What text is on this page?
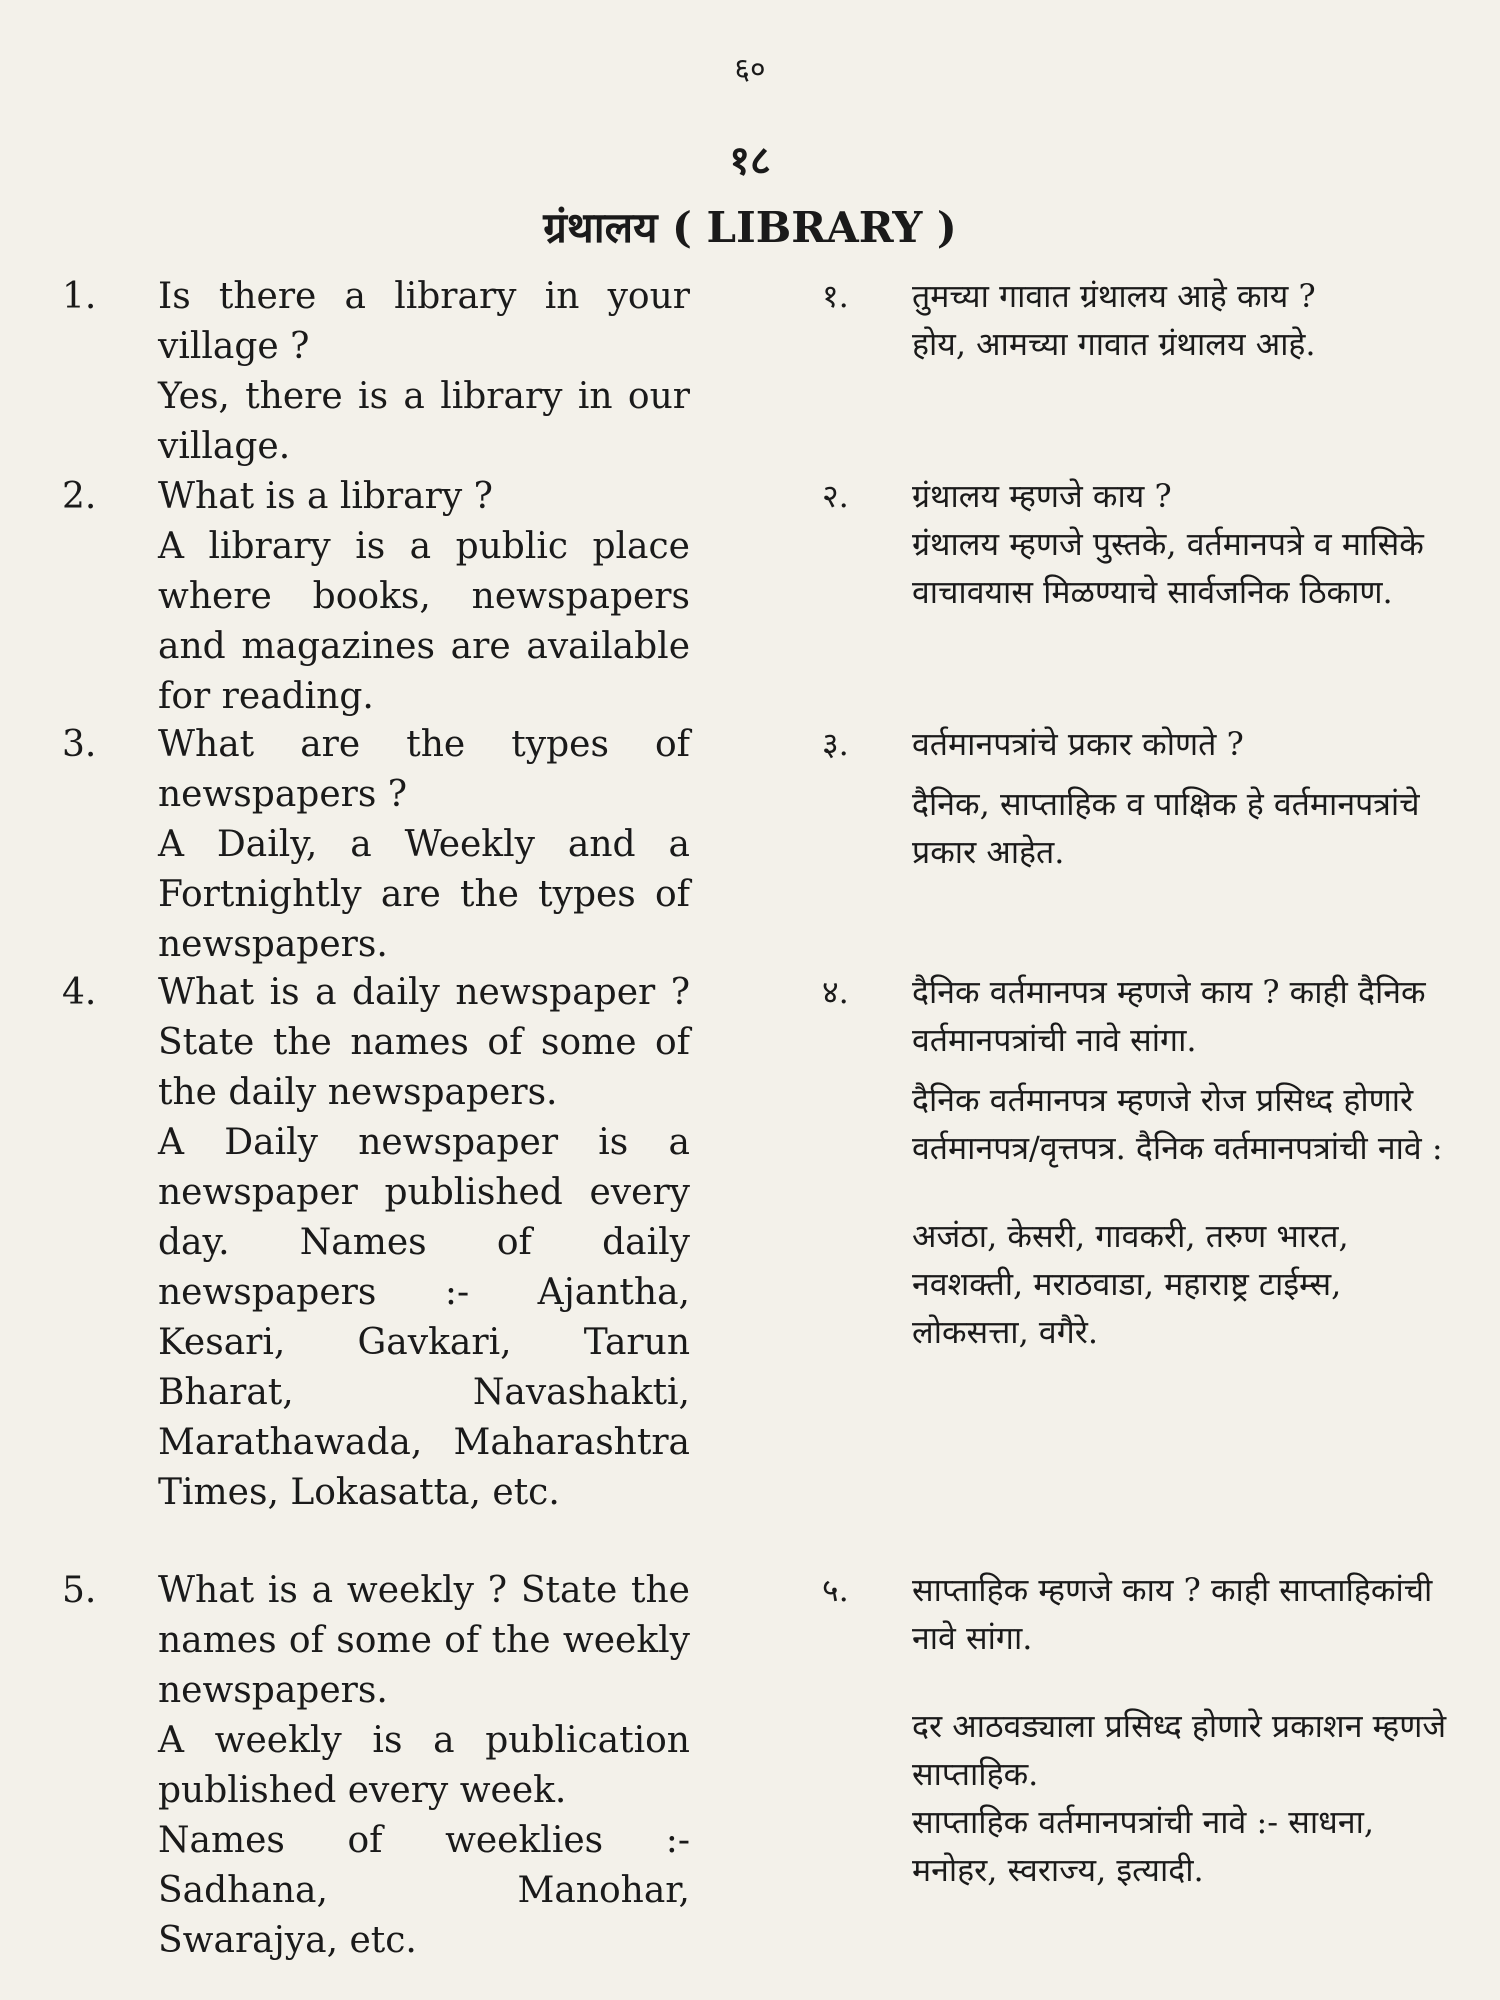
६०
१८
ग्रंथालय ( LIBRARY )
1. Is there a library in your village ?
Yes, there is a library in our village.
१. तुमच्या गावात ग्रंथालय आहे काय ?
होय, आमच्या गावात ग्रंथालय आहे.
2. What is a library ?
A library is a public place where books, newspapers and magazines are available for reading.
२. ग्रंथालय म्हणजे काय ?
ग्रंथालय म्हणजे पुस्तके, वर्तमानपत्रे व मासिके वाचावयास मिळण्याचे सार्वजनिक ठिकाण.
3. What are the types of newspapers ?
A Daily, a Weekly and a Fortnightly are the types of newspapers.
३. वर्तमानपत्रांचे प्रकार कोणते ?
दैनिक, साप्ताहिक व पाक्षिक हे वर्तमानपत्रांचे प्रकार आहेत.
4. What is a daily newspaper ? State the names of some of the daily newspapers.
A Daily newspaper is a newspaper published every day. Names of daily newspapers :- Ajantha, Kesari, Gavkari, Tarun Bharat, Navashakti, Marathawada, Maharashtra Times, Lokasatta, etc.
४. दैनिक वर्तमानपत्र म्हणजे काय ? काही दैनिक वर्तमानपत्रांची नावे सांगा.
दैनिक वर्तमानपत्र म्हणजे रोज प्रसिध्द होणारे वर्तमानपत्र/वृत्तपत्र. दैनिक वर्तमानपत्रांची नावे :
अजंठा, केसरी, गावकरी, तरुण भारत, नवशक्ती, मराठवाडा, महाराष्ट्र टाईम्स, लोकसत्ता, वगैरे.
5. What is a weekly ? State the names of some of the weekly newspapers.
A weekly is a publication published every week.
Names of weeklies :- Sadhana, Manohar, Swarajya, etc.
५. साप्ताहिक म्हणजे काय ? काही साप्ताहिकांची नावे सांगा.
दर आठवड्याला प्रसिध्द होणारे प्रकाशन म्हणजे साप्ताहिक.
साप्ताहिक वर्तमानपत्रांची नावे :- साधना, मनोहर, स्वराज्य, इत्यादी.
